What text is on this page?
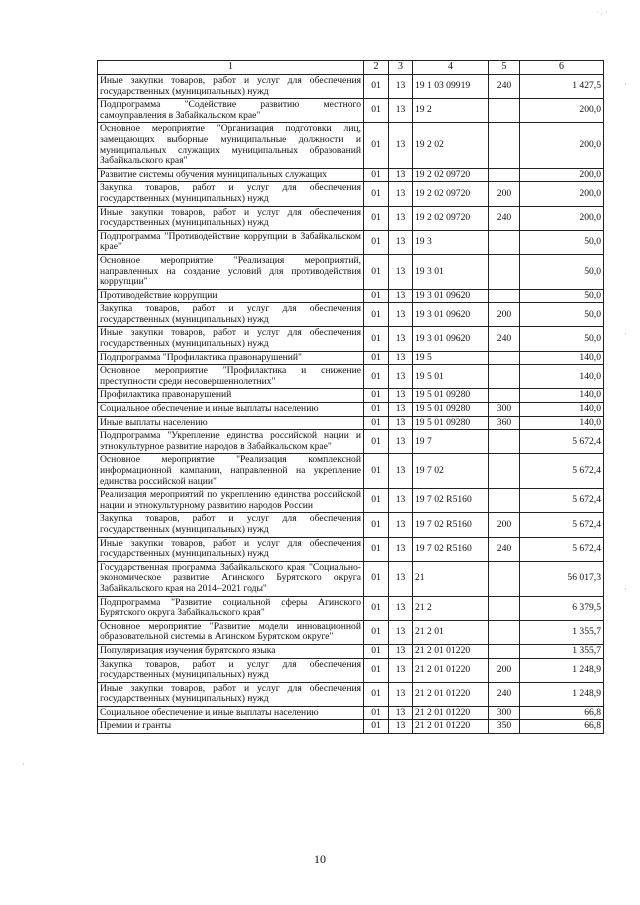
˙ ‧ ˙
·
·
·
·
1	2	3	4	5	6
Иные закупки товаров, работ и услуг для обеспечения государственных (муниципальных) нужд	01	13	19 1 03 09919	240	1 427,5
Подпрограмма "Содействие развитию местного самоуправления в Забайкальском крае"	01	13	19 2		200,0
Основное мероприятие "Организация подготовки лиц, замещающих выборные муниципальные должности и муниципальных служащих муниципальных образований Забайкальского края"	01	13	19 2 02		200,0
Развитие системы обучения муниципальных служащих	01	13	19 2 02 09720		200,0
Закупка товаров, работ и услуг для обеспечения государственных (муниципальных) нужд	01	13	19 2 02 09720	200	200,0
Иные закупки товаров, работ и услуг для обеспечения государственных (муниципальных) нужд	01	13	19 2 02 09720	240	200,0
Подпрограмма "Противодействие коррупции в Забайкальском крае"	01	13	19 3		50,0
Основное мероприятие "Реализация мероприятий, направленных на создание условий для противодействия коррупции"	01	13	19 3 01		50,0
Противодействие коррупции	01	13	19 3 01 09620		50,0
Закупка товаров, работ и услуг для обеспечения государственных (муниципальных) нужд	01	13	19 3 01 09620	200	50,0
Иные закупки товаров, работ и услуг для обеспечения государственных (муниципальных) нужд	01	13	19 3 01 09620	240	50,0
Подпрограмма "Профилактика правонарушений"	01	13	19 5		140,0
Основное мероприятие "Профилактика и снижение преступности среди несовершеннолетних"	01	13	19 5 01		140,0
Профилактика правонарушений	01	13	19 5 01 09280		140,0
Социальное обеспечение и иные выплаты населению	01	13	19 5 01 09280	300	140,0
Иные выплаты населению	01	13	19 5 01 09280	360	140,0
Подпрограмма "Укрепление единства российской нации и этнокультурное развитие народов в Забайкальском крае"	01	13	19 7		5 672,4
Основное мероприятие "Реализация комплексной информационной кампании, направленной на укрепление единства российской нации"	01	13	19 7 02		5 672,4
Реализация мероприятий по укреплению единства российской нации и этнокультурному развитию народов России	01	13	19 7 02 R5160		5 672,4
Закупка товаров, работ и услуг для обеспечения государственных (муниципальных) нужд	01	13	19 7 02 R5160	200	5 672,4
Иные закупки товаров, работ и услуг для обеспечения государственных (муниципальных) нужд	01	13	19 7 02 R5160	240	5 672,4
Государственная программа Забайкальского края "Социально-экономическое развитие Агинского Бурятского округа Забайкальского края на 2014–2021 годы"	01	13	21		56 017,3
Подпрограмма "Развитие социальной сферы Агинского Бурятского округа Забайкальского края"	01	13	21 2		6 379,5
Основное мероприятие "Развитие модели инновационной образовательной системы в Агинском Бурятском округе"	01	13	21 2 01		1 355,7
Популяризация изучения бурятского языка	01	13	21 2 01 01220		1 355,7
Закупка товаров, работ и услуг для обеспечения государственных (муниципальных) нужд	01	13	21 2 01 01220	200	1 248,9
Иные закупки товаров, работ и услуг для обеспечения государственных (муниципальных) нужд	01	13	21 2 01 01220	240	1 248,9
Социальное обеспечение и иные выплаты населению	01	13	21 2 01 01220	300	66,8
Премии и гранты	01	13	21 2 01 01220	350	66,8
10
